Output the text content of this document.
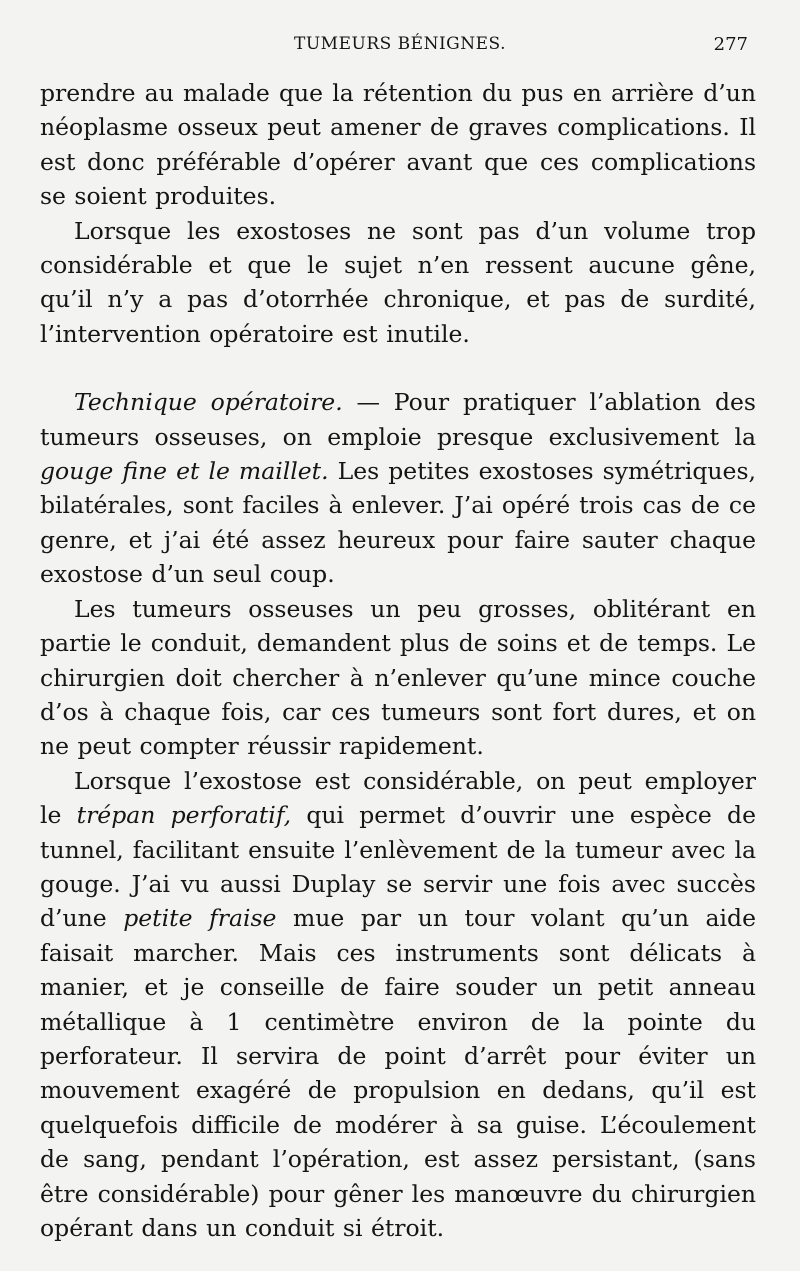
TUMEURS BÉNIGNES.	277

prendre au malade que la rétention du pus en arrière d’un néoplasme osseux peut amener de graves complications. Il est donc préférable d’opérer avant que ces complications se soient produites.

Lorsque les exostoses ne sont pas d’un volume trop considérable et que le sujet n’en ressent aucune gêne, qu’il n’y a pas d’otorrhée chronique, et pas de surdité, l’intervention opératoire est inutile.

Technique opératoire. — Pour pratiquer l’ablation des tumeurs osseuses, on emploie presque exclusivement la gouge fine et le maillet. Les petites exostoses symétriques, bilatérales, sont faciles à enlever. J’ai opéré trois cas de ce genre, et j’ai été assez heureux pour faire sauter chaque exostose d’un seul coup.

Les tumeurs osseuses un peu grosses, oblitérant en partie le conduit, demandent plus de soins et de temps. Le chirurgien doit chercher à n’enlever qu’une mince couche d’os à chaque fois, car ces tumeurs sont fort dures, et on ne peut compter réussir rapidement.

Lorsque l’exostose est considérable, on peut employer le trépan perforatif, qui permet d’ouvrir une espèce de tunnel, facilitant ensuite l’enlèvement de la tumeur avec la gouge. J’ai vu aussi Duplay se servir une fois avec succès d’une petite fraise mue par un tour volant qu’un aide faisait marcher. Mais ces instruments sont délicats à manier, et je conseille de faire souder un petit anneau métallique à 1 centimètre environ de la pointe du perforateur. Il servira de point d’arrêt pour éviter un mouvement exagéré de propulsion en dedans, qu’il est quelquefois difficile de modérer à sa guise. L’écoulement de sang, pendant l’opération, est assez persistant, (sans être considérable) pour gêner les manœuvre du chirurgien opérant dans un conduit si étroit.
